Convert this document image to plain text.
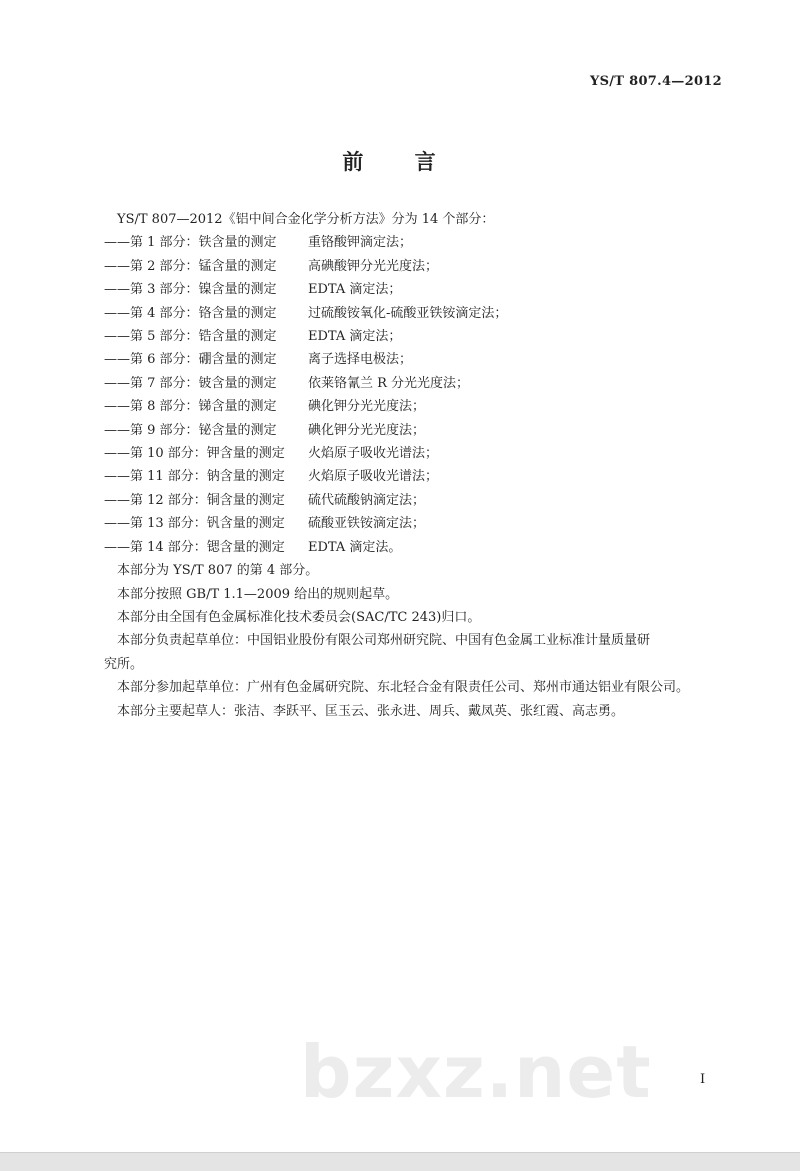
YS/T 807.4—2012
前 言
YS/T 807—2012《铝中间合金化学分析方法》分为 14 个部分：
——第 1 部分：铁含量的测定	重铬酸钾滴定法；
——第 2 部分：锰含量的测定	高碘酸钾分光光度法；
——第 3 部分：镍含量的测定	EDTA 滴定法；
——第 4 部分：铬含量的测定	过硫酸铵氧化-硫酸亚铁铵滴定法；
——第 5 部分：锆含量的测定	EDTA 滴定法；
——第 6 部分：硼含量的测定	离子选择电极法；
——第 7 部分：铍含量的测定	依莱铬氰兰 R 分光光度法；
——第 8 部分：锑含量的测定	碘化钾分光光度法；
——第 9 部分：铋含量的测定	碘化钾分光光度法；
——第 10 部分：钾含量的测定	火焰原子吸收光谱法；
——第 11 部分：钠含量的测定	火焰原子吸收光谱法；
——第 12 部分：铜含量的测定	硫代硫酸钠滴定法；
——第 13 部分：钒含量的测定	硫酸亚铁铵滴定法；
——第 14 部分：锶含量的测定	EDTA 滴定法。
本部分为 YS/T 807 的第 4 部分。
本部分按照 GB/T 1.1—2009 给出的规则起草。
本部分由全国有色金属标准化技术委员会(SAC/TC 243)归口。
本部分负责起草单位：中国铝业股份有限公司郑州研究院、中国有色金属工业标准计量质量研
究所。
本部分参加起草单位：广州有色金属研究院、东北轻合金有限责任公司、郑州市通达铝业有限公司。
本部分主要起草人：张洁、李跃平、匡玉云、张永进、周兵、戴凤英、张红霞、高志勇。
bzxz.net	I
